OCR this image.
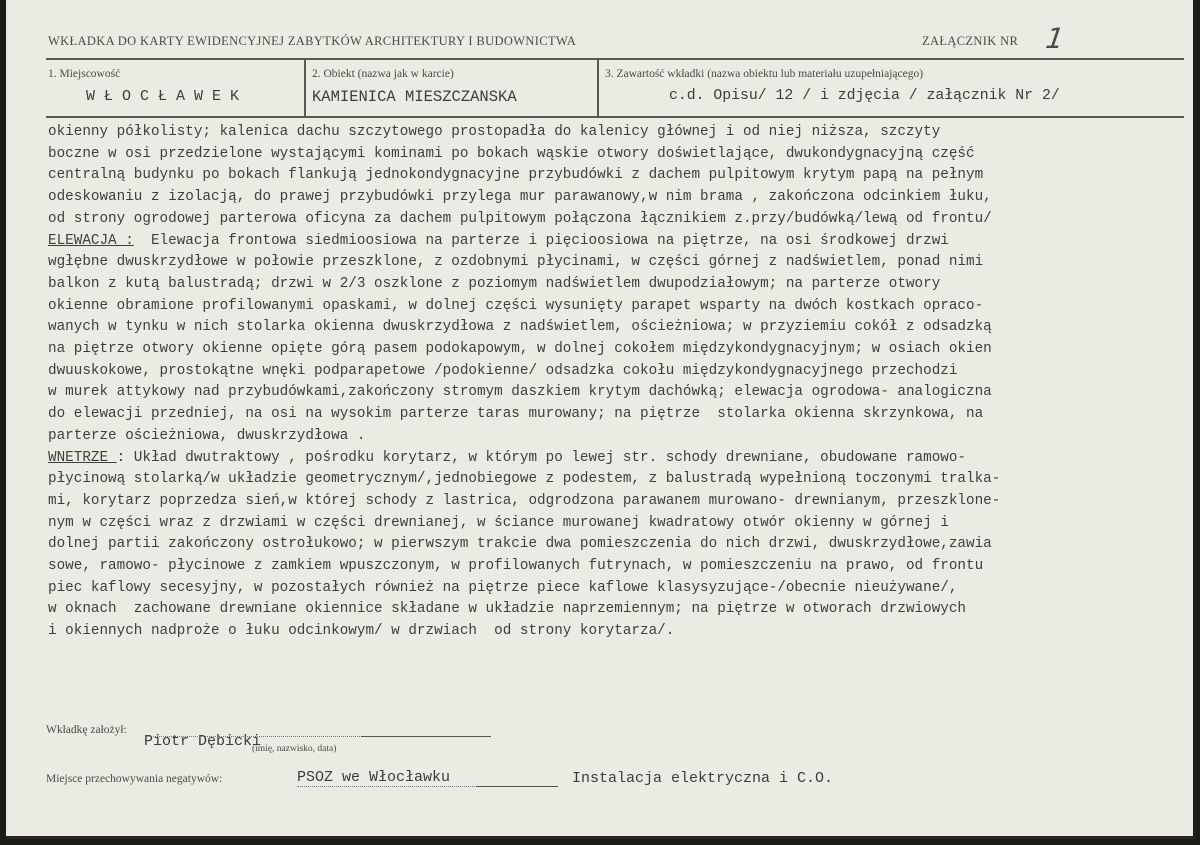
WKŁADKA DO KARTY EWIDENCYJNEJ ZABYTKÓW ARCHITEKTURY I BUDOWNICTWA	ZAŁĄCZNIK NR 1
1. Miejscowość
WŁOCŁAWEK
2. Obiekt (nazwa jak w karcie)
KAMIENICA MIESZCZANSKA
3. Zawartość wkładki (nazwa obiektu lub materiału uzupełniającego)
c.d. Opisu/ 12 / i zdjęcia / załącznik Nr 2/
okienny półkolisty; kalenica dachu szczytowego prostopadła do kalenicy głównej i od niej niższa, szczyty
boczne w osi przedzielone wystającymi kominami po bokach wąskie otwory doświetlające, dwukondygnacyjną część
centralną budynku po bokach flankują jednokondygnacyjne przybudówki z dachem pulpitowym krytym papą na pełnym
odeskowaniu z izolacją, do prawej przybudówki przylega mur parawanowy,w nim brama , zakończona odcinkiem łuku,
od strony ogrodowej parterowa oficyna za dachem pulpitowym połączona łącznikiem z.przy/budówką/lewą od frontu/
ELEWACJA :  Elewacja frontowa siedmioosiowa na parterze i pięcioosiowa na piętrze, na osi środkowej drzwi
wgłębne dwuskrzydłowe w połowie przeszklone, z ozdobnymi płycinami, w części górnej z nadświetlem, ponad nimi
balkon z kutą balustradą; drzwi w 2/3 oszklone z poziomym nadświetlem dwupodziałowym; na parterze otwory
okienne obramione profilowanymi opaskami, w dolnej części wysunięty parapet wsparty na dwóch kostkach opraco-
wanych w tynku w nich stolarka okienna dwuskrzydłowa z nadświetlem, ościeżniowa; w przyziemiu cokół z odsadzką
na piętrze otwory okienne opięte górą pasem podokapowym, w dolnej cokołem międzykondygnacyjnym; w osiach okien
dwuuskokowe, prostokątne wnęki podparapetowe /podokienne/ odsadzka cokołu międzykondygnacyjnego przechodzi
w murek attykowy nad przybudówkami,zakończony stromym daszkiem krytym dachówką; elewacja ogrodowa- analogiczna
do elewacji przedniej, na osi na wysokim parterze taras murowany; na piętrze  stolarka okienna skrzynkowa, na
parterze ościeżniowa, dwuskrzydłowa .
WNETRZE : Układ dwutraktowy , pośrodku korytarz, w którym po lewej str. schody drewniane, obudowane ramowo-
płycinową stolarką/w układzie geometrycznym/,jednobiegowe z podestem, z balustradą wypełnioną toczonymi tralka-
mi, korytarz poprzedza sień,w której schody z lastrica, odgrodzona parawanem murowano- drewnianym, przeszklone-
nym w części wraz z drzwiami w części drewnianej, w ściance murowanej kwadratowy otwór okienny w górnej i
dolnej partii zakończony ostrołukowo; w pierwszym trakcie dwa pomieszczenia do nich drzwi, dwuskrzydłowe,zawia
sowe, ramowo- płycinowe z zamkiem wpuszczonym, w profilowanych futrynach, w pomieszczeniu na prawo, od frontu
piec kaflowy secesyjny, w pozostałych również na piętrze piece kaflowe klasysyzujące-/obecnie nieużywane/,
w oknach  zachowane drewniane okiennice składane w układzie naprzemiennym; na piętrze w otworach drzwiowych
i okiennych nadproże o łuku odcinkowym/ w drzwiach  od strony korytarza/.
Wkładkę założył:
Piotr Dębicki
(imię, nazwisko, data)
Miejsce przechowywania negatywów:	PSOZ we Włocławku	Instalacja elektryczna i C.O.
